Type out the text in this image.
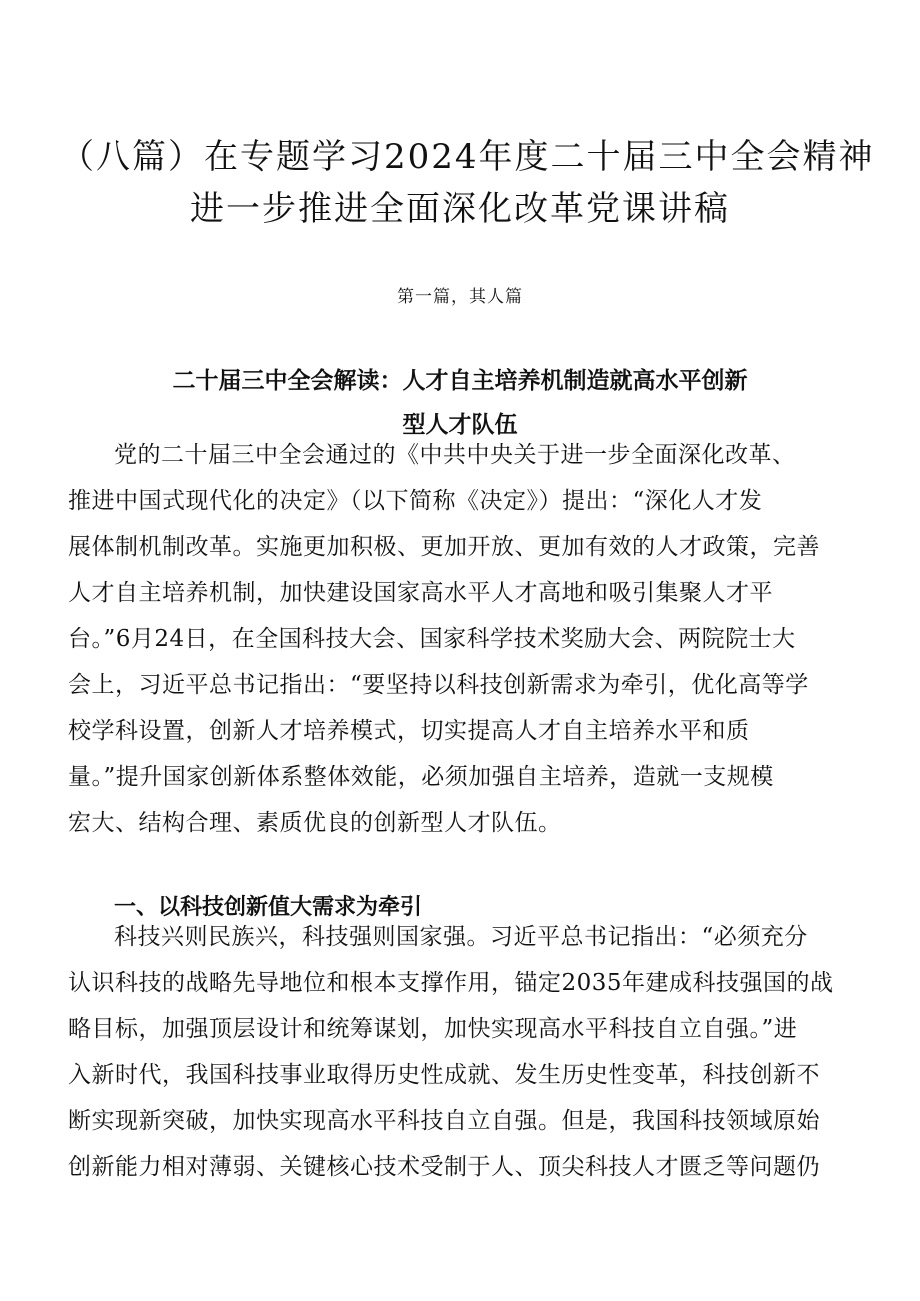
（八篇）在专题学习2024年度二十届三中全会精神
进一步推进全面深化改革党课讲稿
第一篇，其人篇
二十届三中全会解读：人才自主培养机制造就高水平创新
型人才队伍
党的二十届三中全会通过的《中共中央关于进一步全面深化改革、
推进中国式现代化的决定》（以下简称《决定》）提出：“深化人才发
展体制机制改革。实施更加积极、更加开放、更加有效的人才政策，完善
人才自主培养机制，加快建设国家高水平人才高地和吸引集聚人才平
台。”6月24日，在全国科技大会、国家科学技术奖励大会、两院院士大
会上，习近平总书记指出：“要坚持以科技创新需求为牵引，优化高等学
校学科设置，创新人才培养模式，切实提高人才自主培养水平和质
量。”提升国家创新体系整体效能，必须加强自主培养，造就一支规模
宏大、结构合理、素质优良的创新型人才队伍。
一、以科技创新值大需求为牵引
科技兴则民族兴，科技强则国家强。习近平总书记指出：“必须充分
认识科技的战略先导地位和根本支撑作用，锚定2035年建成科技强国的战
略目标，加强顶层设计和统筹谋划，加快实现高水平科技自立自强。”进
入新时代，我国科技事业取得历史性成就、发生历史性变革，科技创新不
断实现新突破，加快实现高水平科技自立自强。但是，我国科技领域原始
创新能力相对薄弱、关键核心技术受制于人、顶尖科技人才匮乏等问题仍
